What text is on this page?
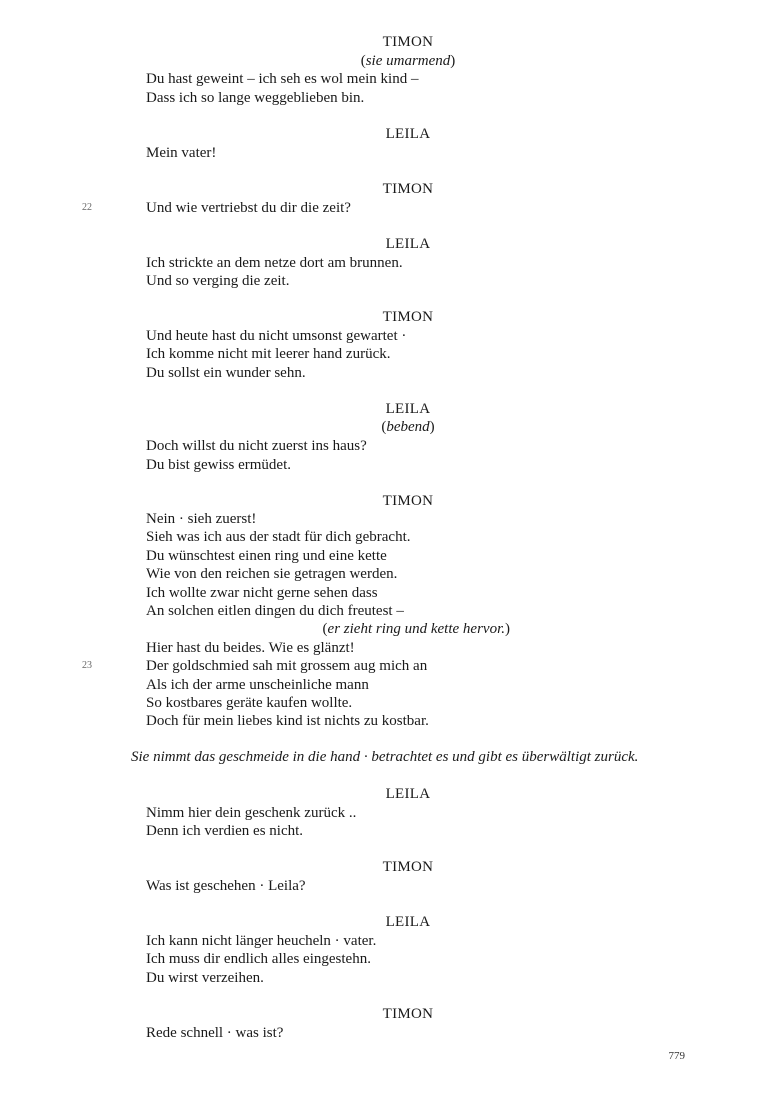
TIMON
(sie umarmend)
Du hast geweint – ich seh es wol mein kind –
Dass ich so lange weggeblieben bin.
LEILA
Mein vater!
TIMON
22	Und wie vertriebst du dir die zeit?
LEILA
Ich strickte an dem netze dort am brunnen.
Und so verging die zeit.
TIMON
Und heute hast du nicht umsonst gewartet ·
Ich komme nicht mit leerer hand zurück.
Du sollst ein wunder sehn.
LEILA
(bebend)
Doch willst du nicht zuerst ins haus?
Du bist gewiss ermüdet.
TIMON
Nein · sieh zuerst!
Sieh was ich aus der stadt für dich gebracht.
Du wünschtest einen ring und eine kette
Wie von den reichen sie getragen werden.
Ich wollte zwar nicht gerne sehen dass
An solchen eitlen dingen du dich freutest –
(er zieht ring und kette hervor.)
Hier hast du beides. Wie es glänzt!
23	Der goldschmied sah mit grossem aug mich an
Als ich der arme unscheinliche mann
So kostbares geräte kaufen wollte.
Doch für mein liebes kind ist nichts zu kostbar.
Sie nimmt das geschmeide in die hand · betrachtet es und gibt es überwältigt zurück.
LEILA
Nimm hier dein geschenk zurück ..
Denn ich verdien es nicht.
TIMON
Was ist geschehen · Leila?
LEILA
Ich kann nicht länger heucheln · vater.
Ich muss dir endlich alles eingestehn.
Du wirst verzeihen.
TIMON
Rede schnell · was ist?
779
